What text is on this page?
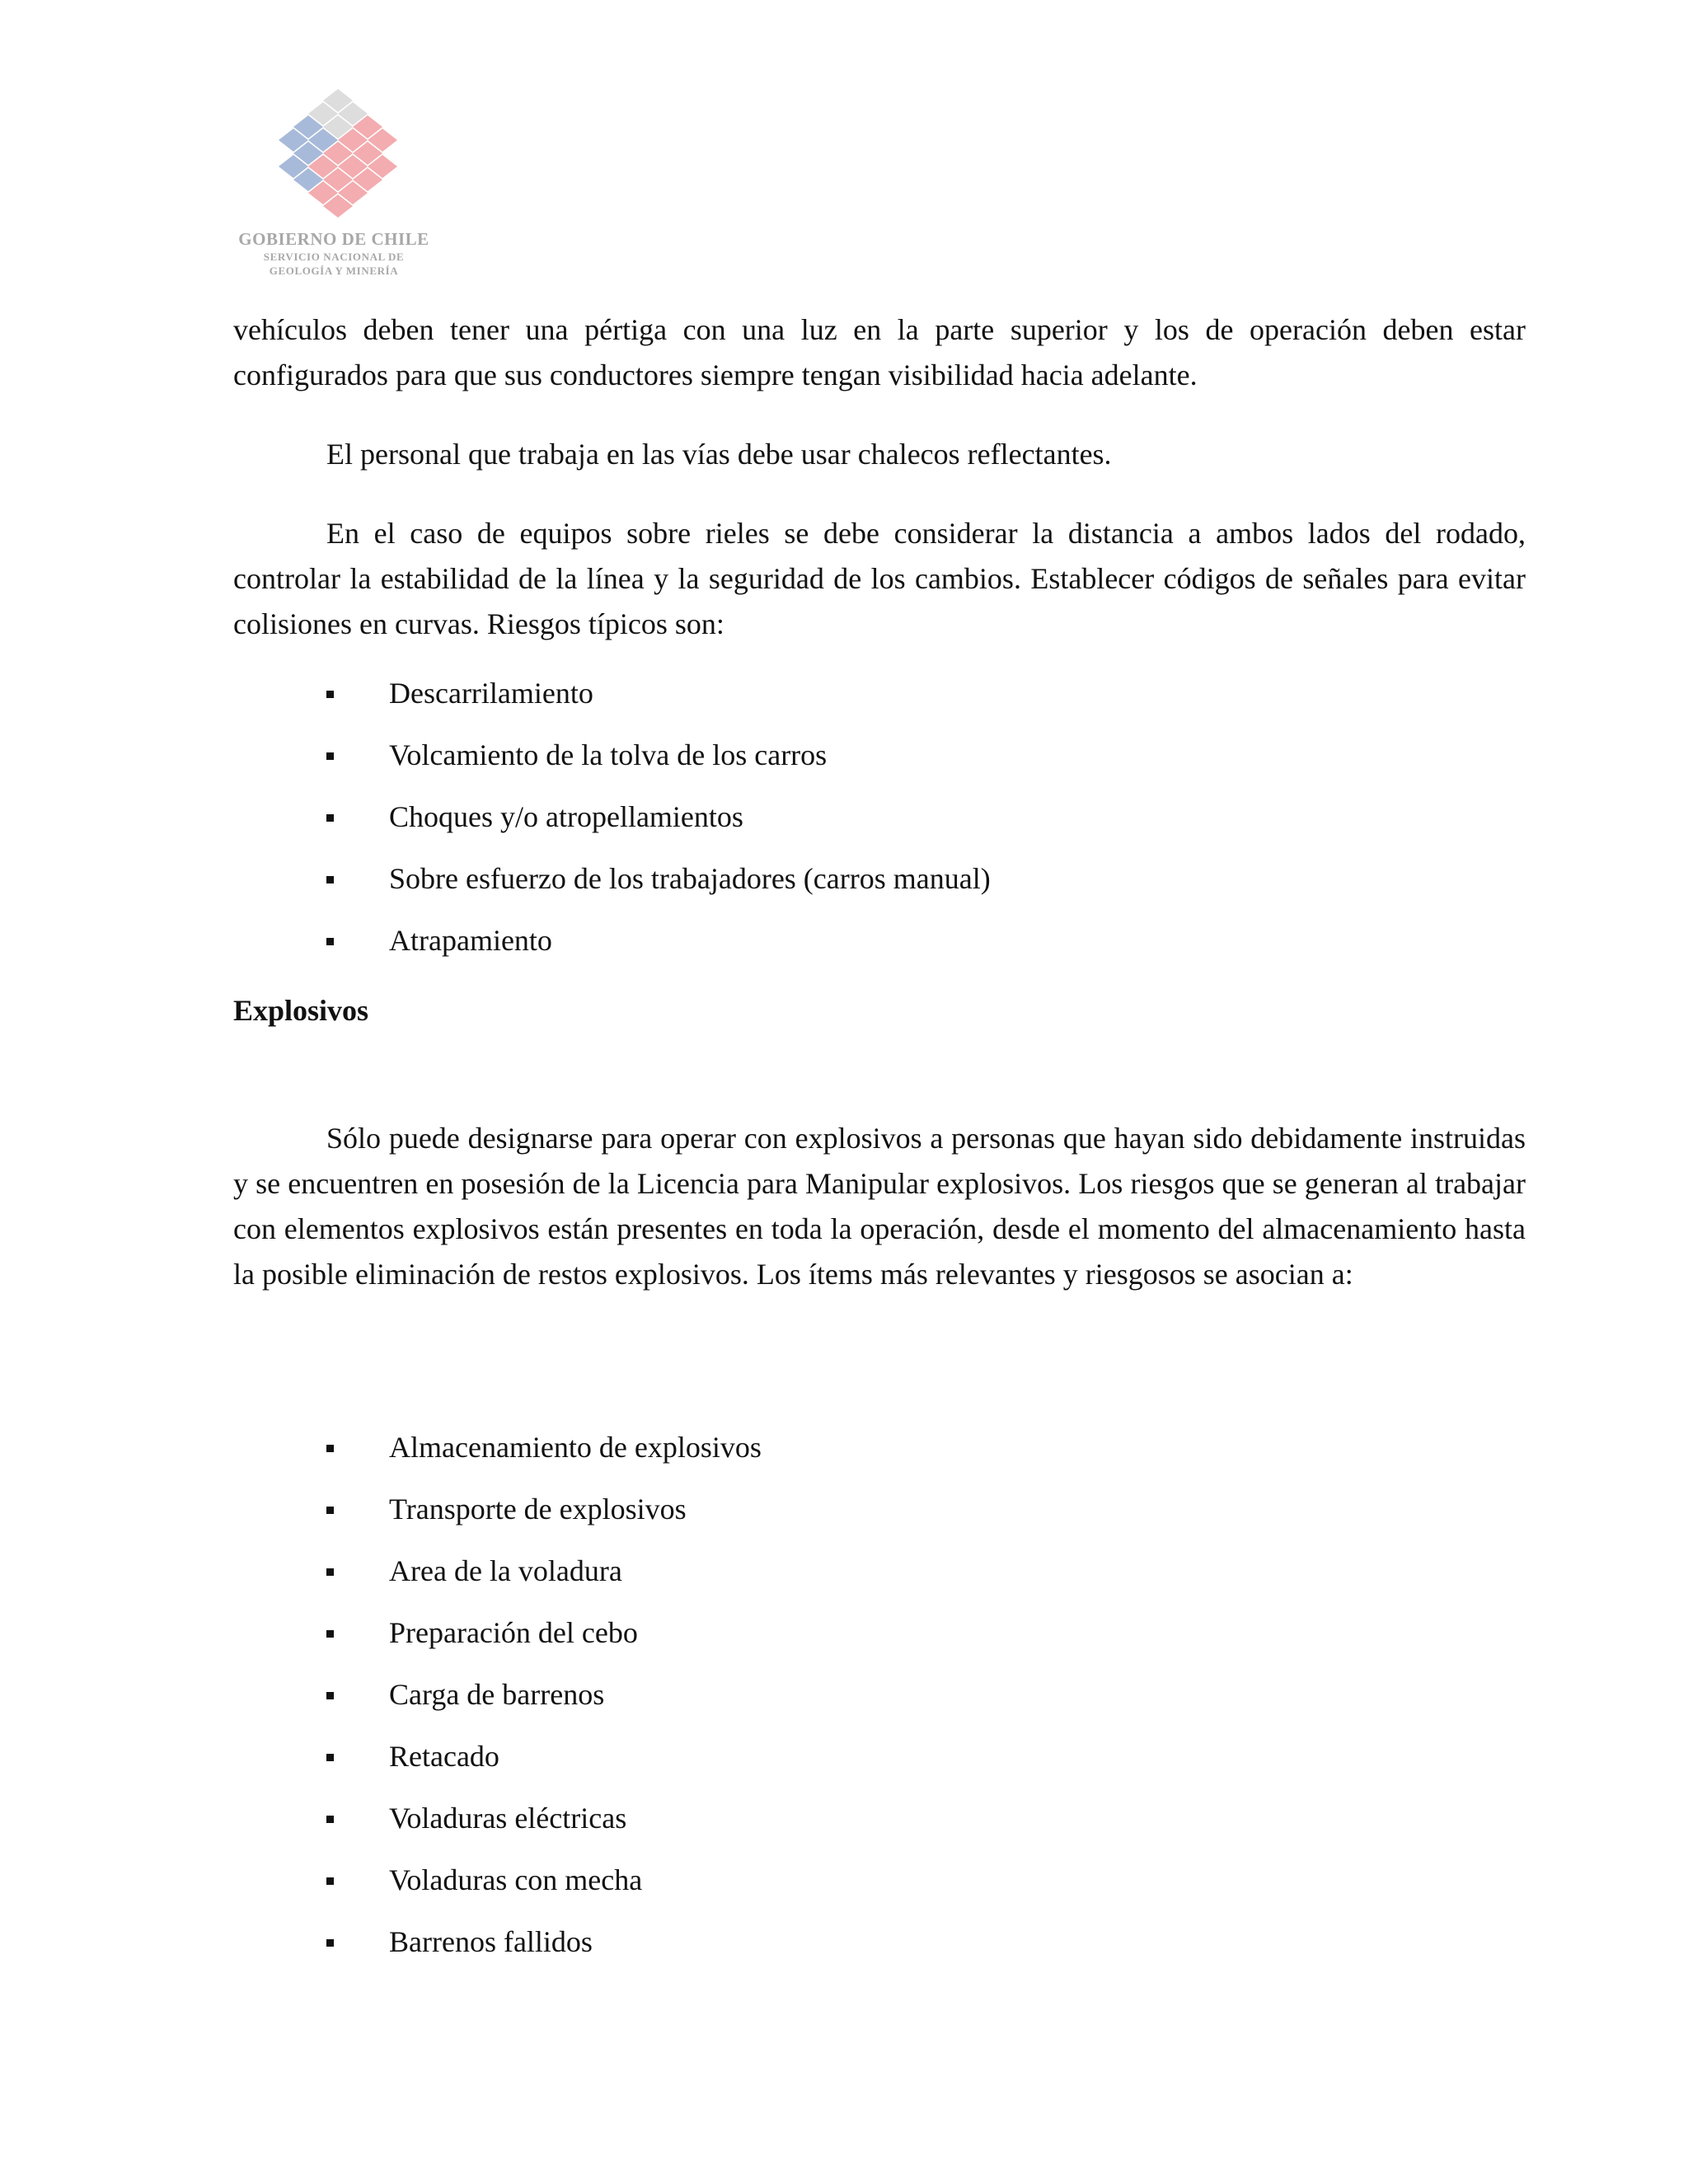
GOBIERNO DE CHILE
SERVICIO NACIONAL DE
GEOLOGÍA Y MINERÍA
vehículos deben tener una pértiga con una luz en la parte superior y los de operación deben estar configurados para que sus conductores siempre tengan visibilidad hacia adelante.
El personal que trabaja en las vías debe usar chalecos reflectantes.
En el caso de equipos sobre rieles se debe considerar la distancia a ambos lados del rodado, controlar la estabilidad de la línea y la seguridad de los cambios. Establecer códigos de señales para evitar colisiones en curvas. Riesgos típicos son:
Descarrilamiento
Volcamiento de la tolva de los carros
Choques y/o atropellamientos
Sobre esfuerzo de los trabajadores (carros manual)
Atrapamiento
Explosivos
Sólo puede designarse para operar con explosivos a personas que hayan sido debidamente instruidas y se encuentren en posesión de la Licencia para Manipular explosivos. Los riesgos que se generan al trabajar con elementos explosivos están presentes en toda la operación, desde el momento del almacenamiento hasta la posible eliminación de restos explosivos. Los ítems más relevantes y riesgosos se asocian a:
Almacenamiento de explosivos
Transporte de explosivos
Area de la voladura
Preparación del cebo
Carga de barrenos
Retacado
Voladuras eléctricas
Voladuras con mecha
Barrenos fallidos
